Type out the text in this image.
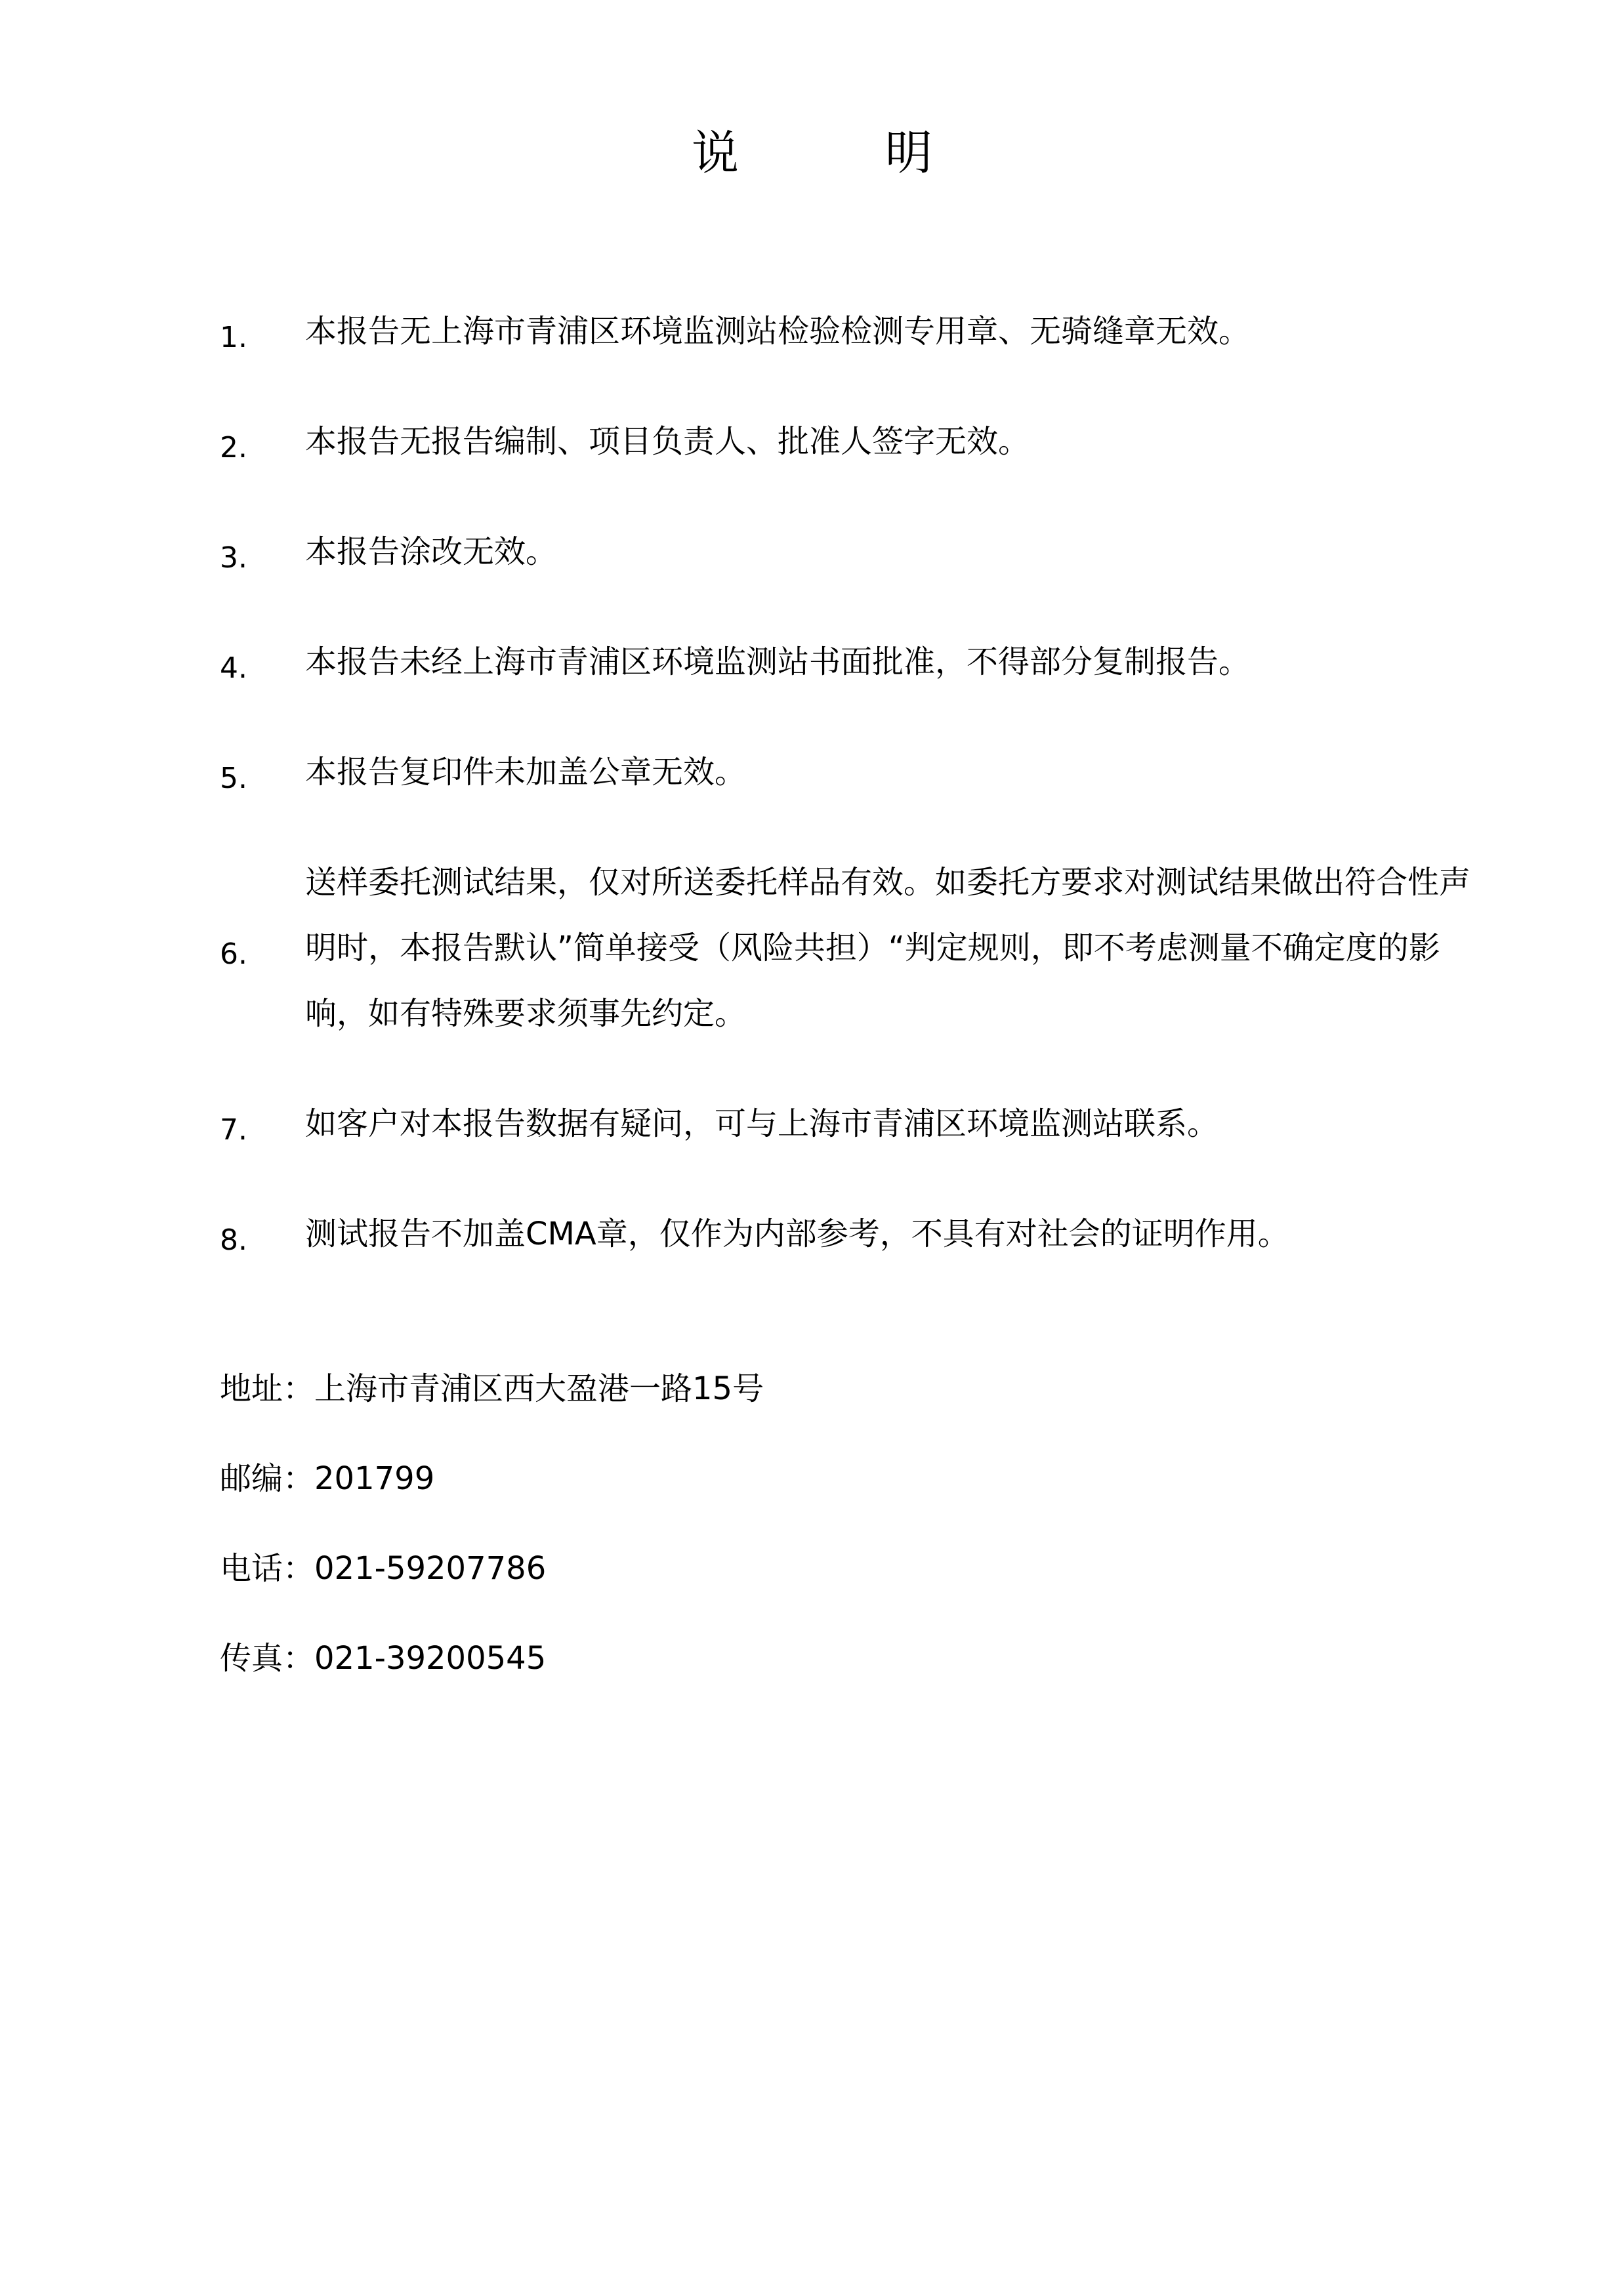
说 明
1.	本报告无上海市青浦区环境监测站检验检测专用章、无骑缝章无效。
2.	本报告无报告编制、项目负责人、批准人签字无效。
3.	本报告涂改无效。
4.	本报告未经上海市青浦区环境监测站书面批准，不得部分复制报告。
5.	本报告复印件未加盖公章无效。
6.
送样委托测试结果，仅对所送委托样品有效。如委托方要求对测试结果做出符合性声明时，本报告默认”简单接受（风险共担）“判定规则，即不考虑测量不确定度的影响，如有特殊要求须事先约定。
7.	如客户对本报告数据有疑问，可与上海市青浦区环境监测站联系。
8.	测试报告不加盖CMA章，仅作为内部参考，不具有对社会的证明作用。
地址：上海市青浦区西大盈港一路15号
邮编：201799
电话：021-59207786
传真：021-39200545
